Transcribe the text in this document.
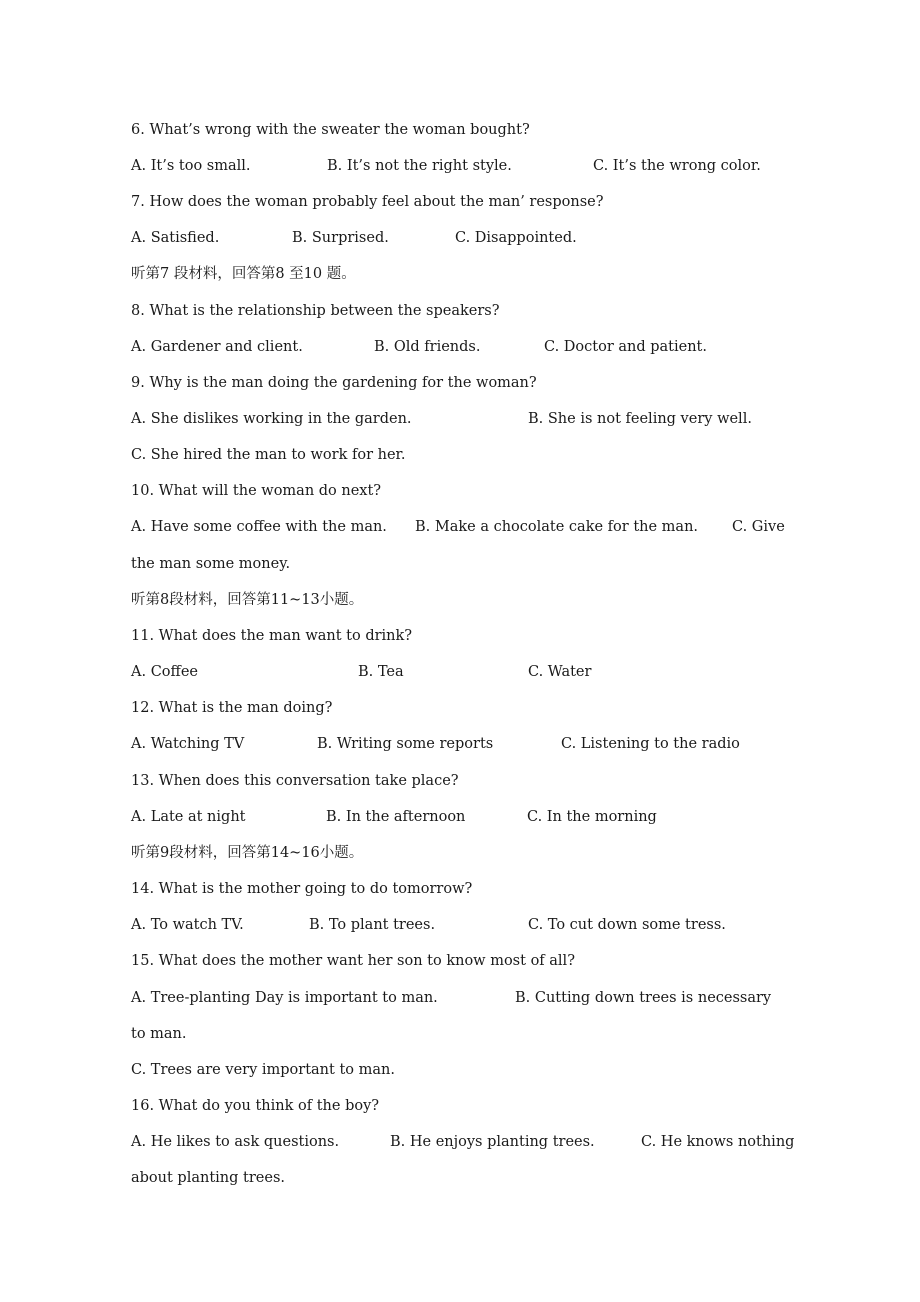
6. What’s wrong with the sweater the woman bought?
A. It’s too small.	B. It’s not the right style.	C. It’s the wrong color.
7. How does the woman probably feel about the man’ response?
A. Satisfied.	B. Surprised.	C. Disappointed.
听第7 段材料，回答第8 至10 题。
8. What is the relationship between the speakers?
A. Gardener and client.	B. Old friends.	C. Doctor and patient.
9. Why is the man doing the gardening for the woman?
A. She dislikes working in the garden.	B. She is not feeling very well.
C. She hired the man to work for her.
10. What will the woman do next?
A. Have some coffee with the man. B. Make a chocolate cake for the man. C. Give
the man some money.
听第8段材料，回答第11~13小题。
11. What does the man want to drink?
A. Coffee	B. Tea	C. Water
12. What is the man doing?
A. Watching TV	B. Writing some reports	C. Listening to the radio
13. When does this conversation take place?
A. Late at night	B. In the afternoon	C. In the morning
听第9段材料，回答第14~16小题。
14. What is the mother going to do tomorrow?
A. To watch TV.	B. To plant trees.	C. To cut down some tress.
15. What does the mother want her son to know most of all?
A. Tree-planting Day is important to man.	B. Cutting down trees is necessary
to man.
C. Trees are very important to man.
16. What do you think of the boy?
A. He likes to ask questions.	B. He enjoys planting trees.	C. He knows nothing
about planting trees.
